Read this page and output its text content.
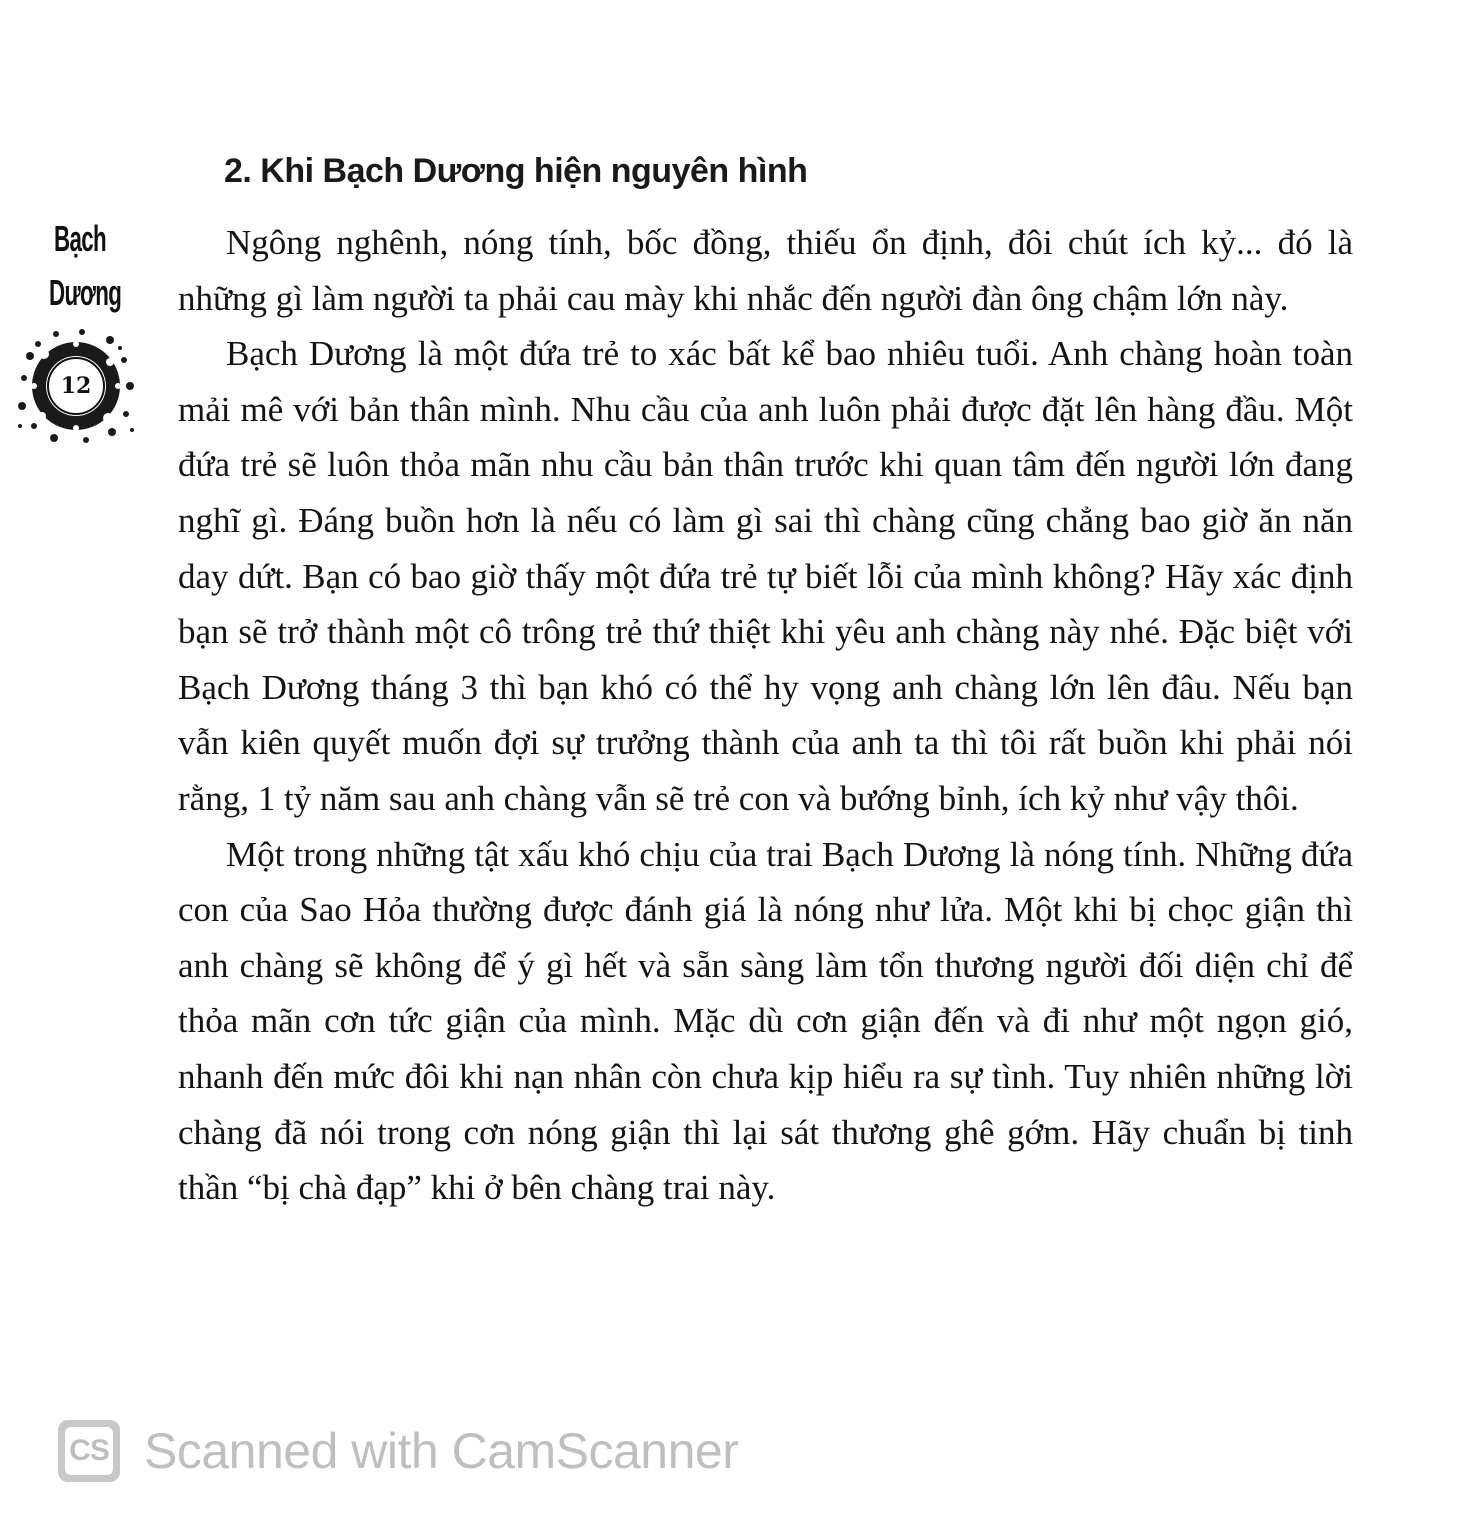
2. Khi Bạch Dương hiện nguyên hình
Bạch
Dương
12

Ngông nghênh, nóng tính, bốc đồng, thiếu ổn định, đôi chút ích kỷ... đó là những gì làm người ta phải cau mày khi nhắc đến người đàn ông chậm lớn này.

Bạch Dương là một đứa trẻ to xác bất kể bao nhiêu tuổi. Anh chàng hoàn toàn mải mê với bản thân mình. Nhu cầu của anh luôn phải được đặt lên hàng đầu. Một đứa trẻ sẽ luôn thỏa mãn nhu cầu bản thân trước khi quan tâm đến người lớn đang nghĩ gì. Đáng buồn hơn là nếu có làm gì sai thì chàng cũng chẳng bao giờ ăn năn day dứt. Bạn có bao giờ thấy một đứa trẻ tự biết lỗi của mình không? Hãy xác định bạn sẽ trở thành một cô trông trẻ thứ thiệt khi yêu anh chàng này nhé. Đặc biệt với Bạch Dương tháng 3 thì bạn khó có thể hy vọng anh chàng lớn lên đâu. Nếu bạn vẫn kiên quyết muốn đợi sự trưởng thành của anh ta thì tôi rất buồn khi phải nói rằng, 1 tỷ năm sau anh chàng vẫn sẽ trẻ con và bướng bỉnh, ích kỷ như vậy thôi.

Một trong những tật xấu khó chịu của trai Bạch Dương là nóng tính. Những đứa con của Sao Hỏa thường được đánh giá là nóng như lửa. Một khi bị chọc giận thì anh chàng sẽ không để ý gì hết và sẵn sàng làm tổn thương người đối diện chỉ để thỏa mãn cơn tức giận của mình. Mặc dù cơn giận đến và đi như một ngọn gió, nhanh đến mức đôi khi nạn nhân còn chưa kịp hiểu ra sự tình. Tuy nhiên những lời chàng đã nói trong cơn nóng giận thì lại sát thương ghê gớm. Hãy chuẩn bị tinh thần “bị chà đạp” khi ở bên chàng trai này.

CS Scanned with CamScanner
